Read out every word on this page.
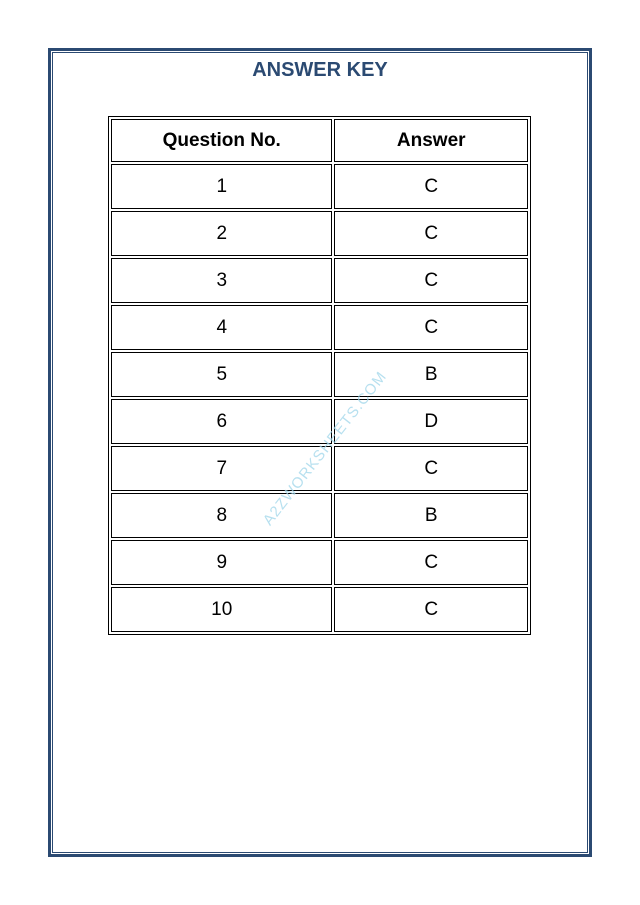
ANSWER KEY
Question No.	Answer
1	C
2	C
3	C
4	C
5	B
6	D
7	C
8	B
9	C
10	C
A2ZWORKSHEETS.COM
